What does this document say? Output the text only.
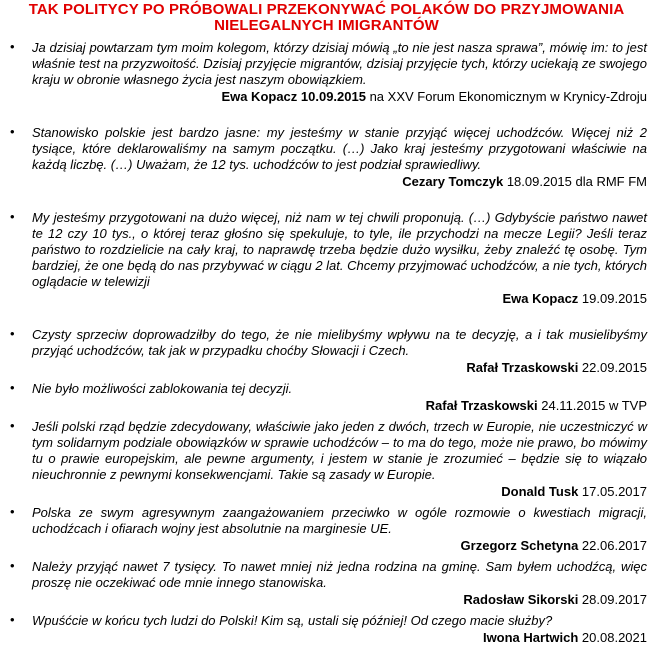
TAK POLITYCY PO PRÓBOWALI PRZEKONYWAĆ POLAKÓW DO PRZYJMOWANIA
NIELEGALNYCH IMIGRANTÓW
• Ja dzisiaj powtarzam tym moim kolegom, którzy dzisiaj mówią „to nie jest nasza sprawa”, mówię im: to jest właśnie test na przyzwoitość. Dzisiaj przyjęcie migrantów, dzisiaj przyjęcie tych, którzy uciekają ze swojego kraju w obronie własnego życia jest naszym obowiązkiem.

Ewa Kopacz 10.09.2015 na XXV Forum Ekonomicznym w Krynicy-Zdroju

• Stanowisko polskie jest bardzo jasne: my jesteśmy w stanie przyjąć więcej uchodźców. Więcej niż 2 tysiące, które deklarowaliśmy na samym początku. (…) Jako kraj jesteśmy przygotowani właściwie na każdą liczbę. (…) Uważam, że 12 tys. uchodźców to jest podział sprawiedliwy.

Cezary Tomczyk 18.09.2015 dla RMF FM

• My jesteśmy przygotowani na dużo więcej, niż nam w tej chwili proponują. (…) Gdybyście państwo nawet te 12 czy 10 tys., o której teraz głośno się spekuluje, to tyle, ile przychodzi na mecze Legii? Jeśli teraz państwo to rozdzielicie na cały kraj, to naprawdę trzeba będzie dużo wysiłku, żeby znaleźć tę osobę. Tym bardziej, że one będą do nas przybywać w ciągu 2 lat. Chcemy przyjmować uchodźców, a nie tych, których oglądacie w telewizji

Ewa Kopacz 19.09.2015

• Czysty sprzeciw doprowadziłby do tego, że nie mielibyśmy wpływu na te decyzję, a i tak musielibyśmy przyjąć uchodźców, tak jak w przypadku choćby Słowacji i Czech.

Rafał Trzaskowski 22.09.2015

• Nie było możliwości zablokowania tej decyzji.

Rafał Trzaskowski 24.11.2015 w TVP

• Jeśli polski rząd będzie zdecydowany, właściwie jako jeden z dwóch, trzech w Europie, nie uczestniczyć w tym solidarnym podziale obowiązków w sprawie uchodźców – to ma do tego, może nie prawo, bo mówimy tu o prawie europejskim, ale pewne argumenty, i jestem w stanie je zrozumieć – będzie się to wiązało nieuchronnie z pewnymi konsekwencjami. Takie są zasady w Europie.

Donald Tusk 17.05.2017

• Polska ze swym agresywnym zaangażowaniem przeciwko w ogóle rozmowie o kwestiach migracji, uchodźcach i ofiarach wojny jest absolutnie na marginesie UE.

Grzegorz Schetyna 22.06.2017

• Należy przyjąć nawet 7 tysięcy. To nawet mniej niż jedna rodzina na gminę. Sam byłem uchodźcą, więc proszę nie oczekiwać ode mnie innego stanowiska.

Radosław Sikorski 28.09.2017

• Wpuśćcie w końcu tych ludzi do Polski! Kim są, ustali się później! Od czego macie służby?

Iwona Hartwich 20.08.2021
